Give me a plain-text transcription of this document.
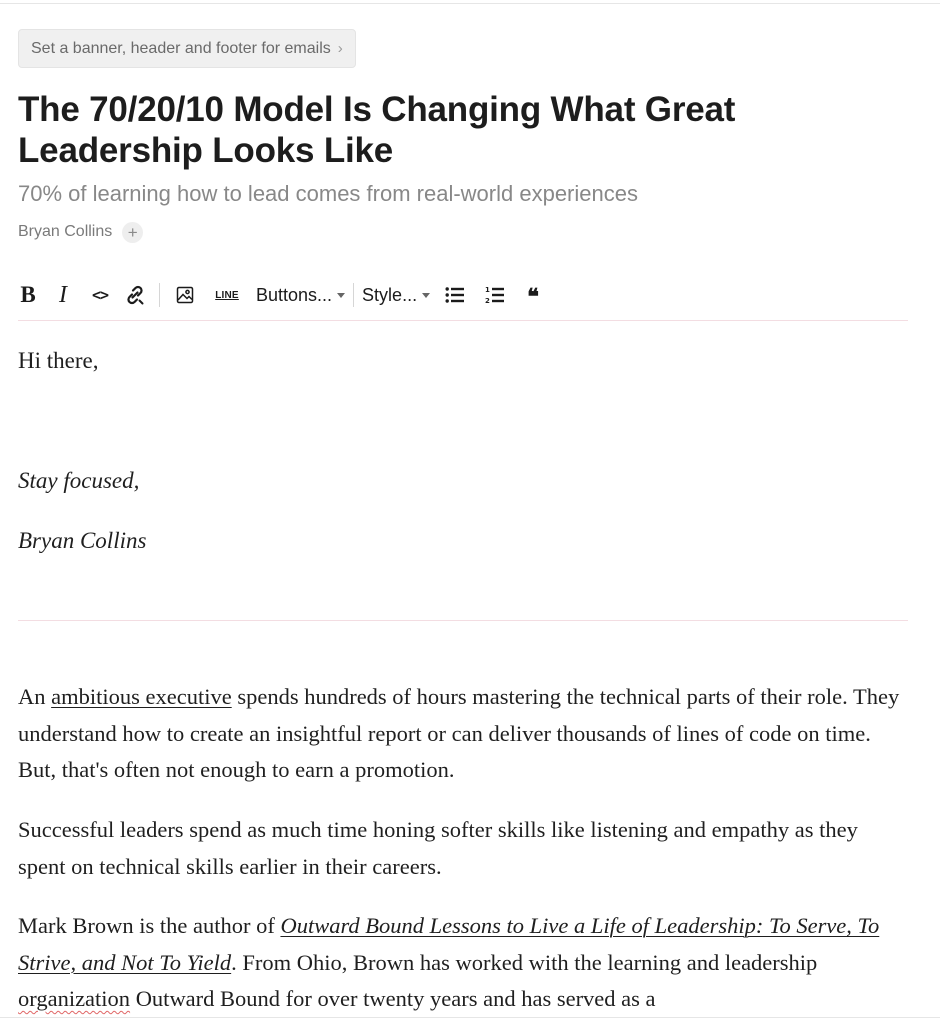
Set a banner, header and footer for emails ›
The 70/20/10 Model Is Changing What Great Leadership Looks Like

70% of learning how to lead comes from real-world experiences

Bryan Collins +
B I <>	LINE Buttons... Style...	1
2 ❝

Hi there,

Stay focused,

Bryan Collins

An ambitious executive spends hundreds of hours mastering the technical parts of their role. They understand how to create an insightful report or can deliver thousands of lines of code on time. But, that's often not enough to earn a promotion.

Successful leaders spend as much time honing softer skills like listening and empathy as they spent on technical skills earlier in their careers.

Mark Brown is the author of Outward Bound Lessons to Live a Life of Leadership: To Serve, To Strive, and Not To Yield. From Ohio, Brown has worked with the learning and leadership organization Outward Bound for over twenty years and has served as a
